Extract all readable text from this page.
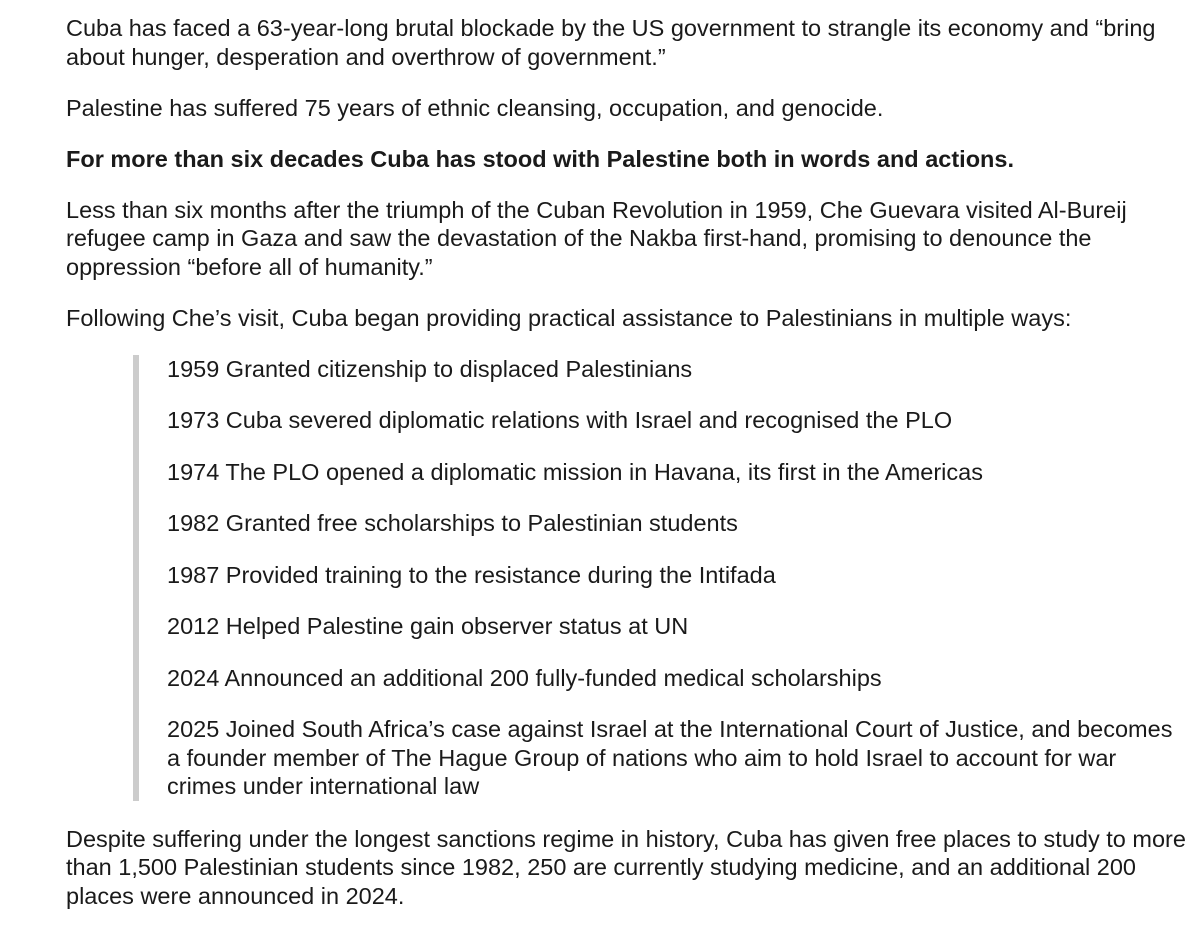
Cuba has faced a 63-year-long brutal blockade by the US government to strangle its economy and “bring about hunger, desperation and overthrow of government.”

Palestine has suffered 75 years of ethnic cleansing, occupation, and genocide.

For more than six decades Cuba has stood with Palestine both in words and actions.

Less than six months after the triumph of the Cuban Revolution in 1959, Che Guevara visited Al-Bureij refugee camp in Gaza and saw the devastation of the Nakba first-hand, promising to denounce the oppression “before all of humanity.”

Following Che’s visit, Cuba began providing practical assistance to Palestinians in multiple ways:

1959 Granted citizenship to displaced Palestinians

1973 Cuba severed diplomatic relations with Israel and recognised the PLO

1974 The PLO opened a diplomatic mission in Havana, its first in the Americas

1982 Granted free scholarships to Palestinian students

1987 Provided training to the resistance during the Intifada

2012 Helped Palestine gain observer status at UN

2024 Announced an additional 200 fully-funded medical scholarships

2025 Joined South Africa’s case against Israel at the International Court of Justice, and becomes a founder member of The Hague Group of nations who aim to hold Israel to account for war crimes under international law

Despite suffering under the longest sanctions regime in history, Cuba has given free places to study to more than 1,500 Palestinian students since 1982, 250 are currently studying medicine, and an additional 200 places were announced in 2024.
